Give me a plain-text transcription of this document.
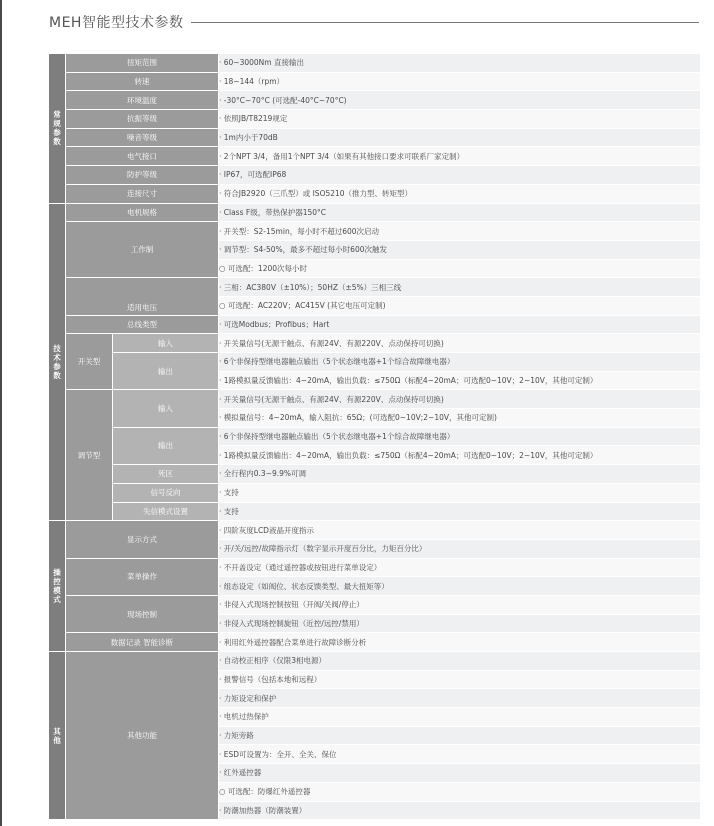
MEH智能型技术参数
常规参数	扭矩范围		· 60~3000Nm 直接输出
	转速		· 18~144（rpm）
	环境温度		· -30°C~70°C (可选配-40°C~70°C)
	抗振等级		· 依照JB/T8219规定
	噪音等级		· 1m内小于70dB
	电气接口		· 2个NPT 3/4，备用1个NPT 3/4（如果有其他接口要求可联系厂家定制）
	防护等级		· IP67，可选配IP68
	连接尺寸		· 符合JB2920（三爪型）或 ISO5210（推力型、转矩型）
技术参数	电机规格		· Class F级，带热保护器150°C
	工作制		· 开关型：S2-15min，每小时不超过600次启动
			· 调节型：S4-50%，最多不超过每小时600次触发
			○ 可选配：1200次每小时
	适用电压		· 三相：AC380V（±10%）；50HZ（±5%）三相三线
			○ 可选配：AC220V；AC415V (其它电压可定制)
	总线类型		· 可选Modbus；Profibus；Hart
	开关型	输入	· 开关量信号(无源干触点、有源24V、有源220V、点动保持可切换)
		输出	· 6个非保持型继电器触点输出（5个状态继电器+1个综合故障继电器）
			· 1路模拟量反馈输出：4~20mA，输出负载：≤750Ω（标配4~20mA；可选配0~10V；2~10V，其他可定制）
	调节型	输入	· 开关量信号(无源干触点、有源24V、有源220V、点动保持可切换)
			· 模拟量信号：4~20mA，输入阻抗：65Ω；(可选配0~10V;2~10V，其他可定制)
		输出	· 6个非保持型继电器触点输出（5个状态继电器+1个综合故障继电器）
			· 1路模拟量反馈输出：4~20mA，输出负载：≤750Ω（标配4~20mA；可选配0~10V；2~10V，其他可定制）
		死区	· 全行程内0.3~9.9%可调
		信号反向	· 支持
		失信模式设置	· 支持
操控模式	显示方式		· 四阶灰度LCD液晶开度指示
			· 开/关/远控/故障指示灯（数字显示开度百分比，力矩百分比）
	菜单操作		· 不开盖设定（通过遥控器或按钮进行菜单设定）
			· 组态设定（如阀位、状态反馈类型、最大扭矩等）
	现场控制		· 非侵入式现场控制按钮（开阀/关阀/停止）
			· 非侵入式现场控制旋钮（近控/远控/禁用）
	数据记录 智能诊断		· 利用红外遥控器配合菜单进行故障诊断分析
其他	其他功能		· 自动校正相序（仅限3相电源）
			· 报警信号（包括本地和远程）
			· 力矩设定和保护
			· 电机过热保护
			· 力矩旁路
			· ESD可设置为：全开、全关、保位
			· 红外遥控器
			○ 可选配：防爆红外遥控器
			· 防潮加热器（防潮装置）
